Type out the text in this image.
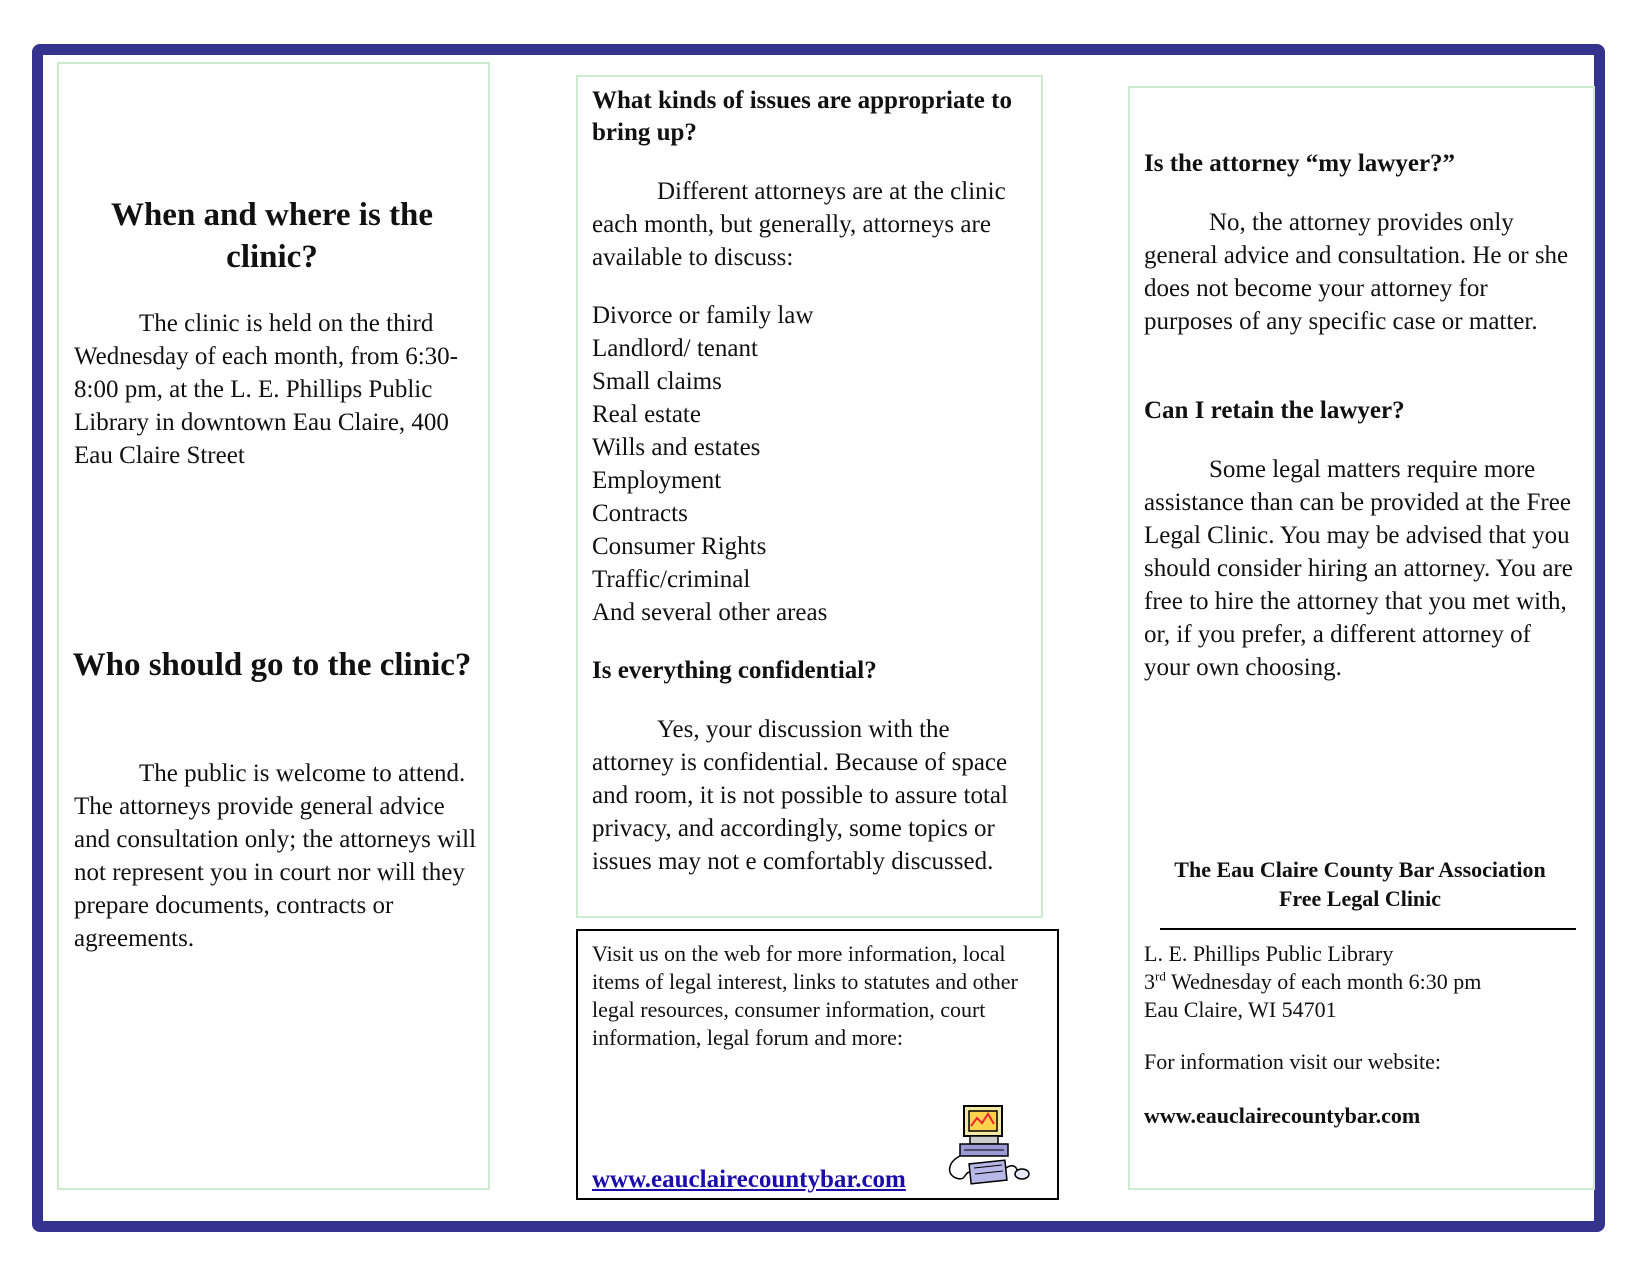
When and where is the clinic?

The clinic is held on the third Wednesday of each month, from 6:30-8:00 pm, at the L. E. Phillips Public Library in downtown Eau Claire, 400 Eau Claire Street

Who should go to the clinic?

The public is welcome to attend. The attorneys provide general advice and consultation only; the attorneys will not represent you in court nor will they prepare documents, contracts or agreements.

What kinds of issues are appropriate to bring up?

Different attorneys are at the clinic each month, but generally, attorneys are available to discuss:

Divorce or family law
Landlord/ tenant
Small claims
Real estate
Wills and estates
Employment
Contracts
Consumer Rights
Traffic/criminal
And several other areas
Is everything confidential?

Yes, your discussion with the attorney is confidential. Because of space and room, it is not possible to assure total privacy, and accordingly, some topics or issues may not e comfortably discussed.

Visit us on the web for more information, local items of legal interest, links to statutes and other legal resources, consumer information, court information, legal forum and more:

www.eauclairecountybar.com
Is the attorney “my lawyer?”

No, the attorney provides only general advice and consultation. He or she does not become your attorney for purposes of any specific case or matter.

Can I retain the lawyer?

Some legal matters require more assistance than can be provided at the Free Legal Clinic. You may be advised that you should consider hiring an attorney. You are free to hire the attorney that you met with, or, if you prefer, a different attorney of your own choosing.

The Eau Claire County Bar Association
Free Legal Clinic

L. E. Phillips Public Library
3rd Wednesday of each month 6:30 pm
Eau Claire, WI 54701

For information visit our website:

www.eauclairecountybar.com
